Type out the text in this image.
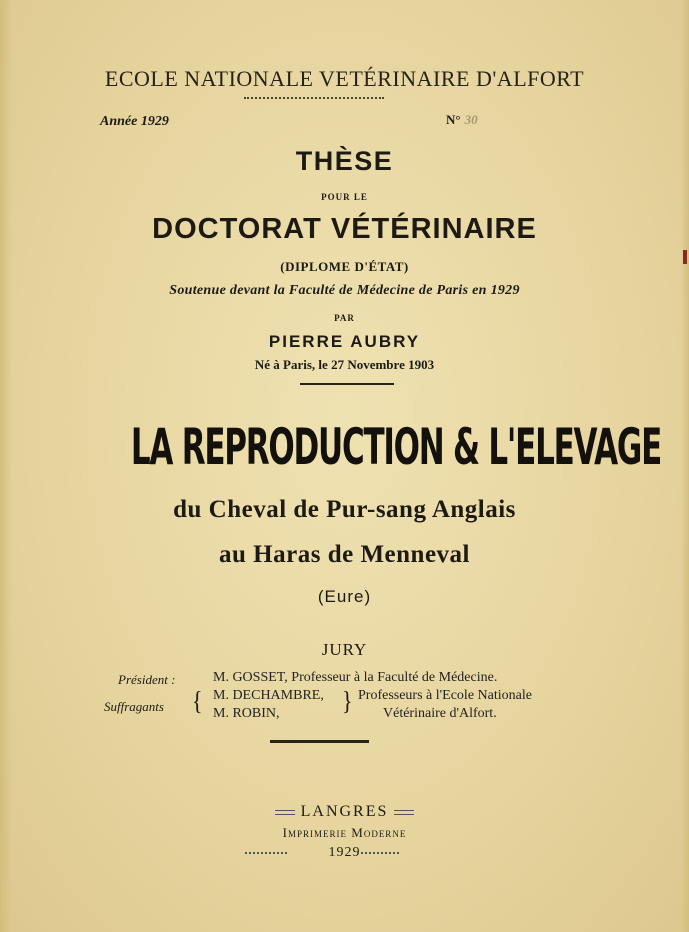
ECOLE NATIONALE VETÉRINAIRE D'ALFORT
Année 1929	N° 30
THÈSE
POUR LE
DOCTORAT VÉTÉRINAIRE
(DIPLOME D'ÉTAT)
Soutenue devant la Faculté de Médecine de Paris en 1929
PAR
PIERRE AUBRY
Né à Paris, le 27 Novembre 1903
LA REPRODUCTION & L'ELEVAGE
du Cheval de Pur-sang Anglais
au Haras de Menneval
(Eure)
JURY
Président :	M. GOSSET, Professeur à la Faculté de Médecine.
Suffragants { M. DECHAMBRE,
M. ROBIN,	} Professeurs à l'Ecole Nationale
Vétérinaire d'Alfort.
LANGRES
Imprimerie Moderne
1929
